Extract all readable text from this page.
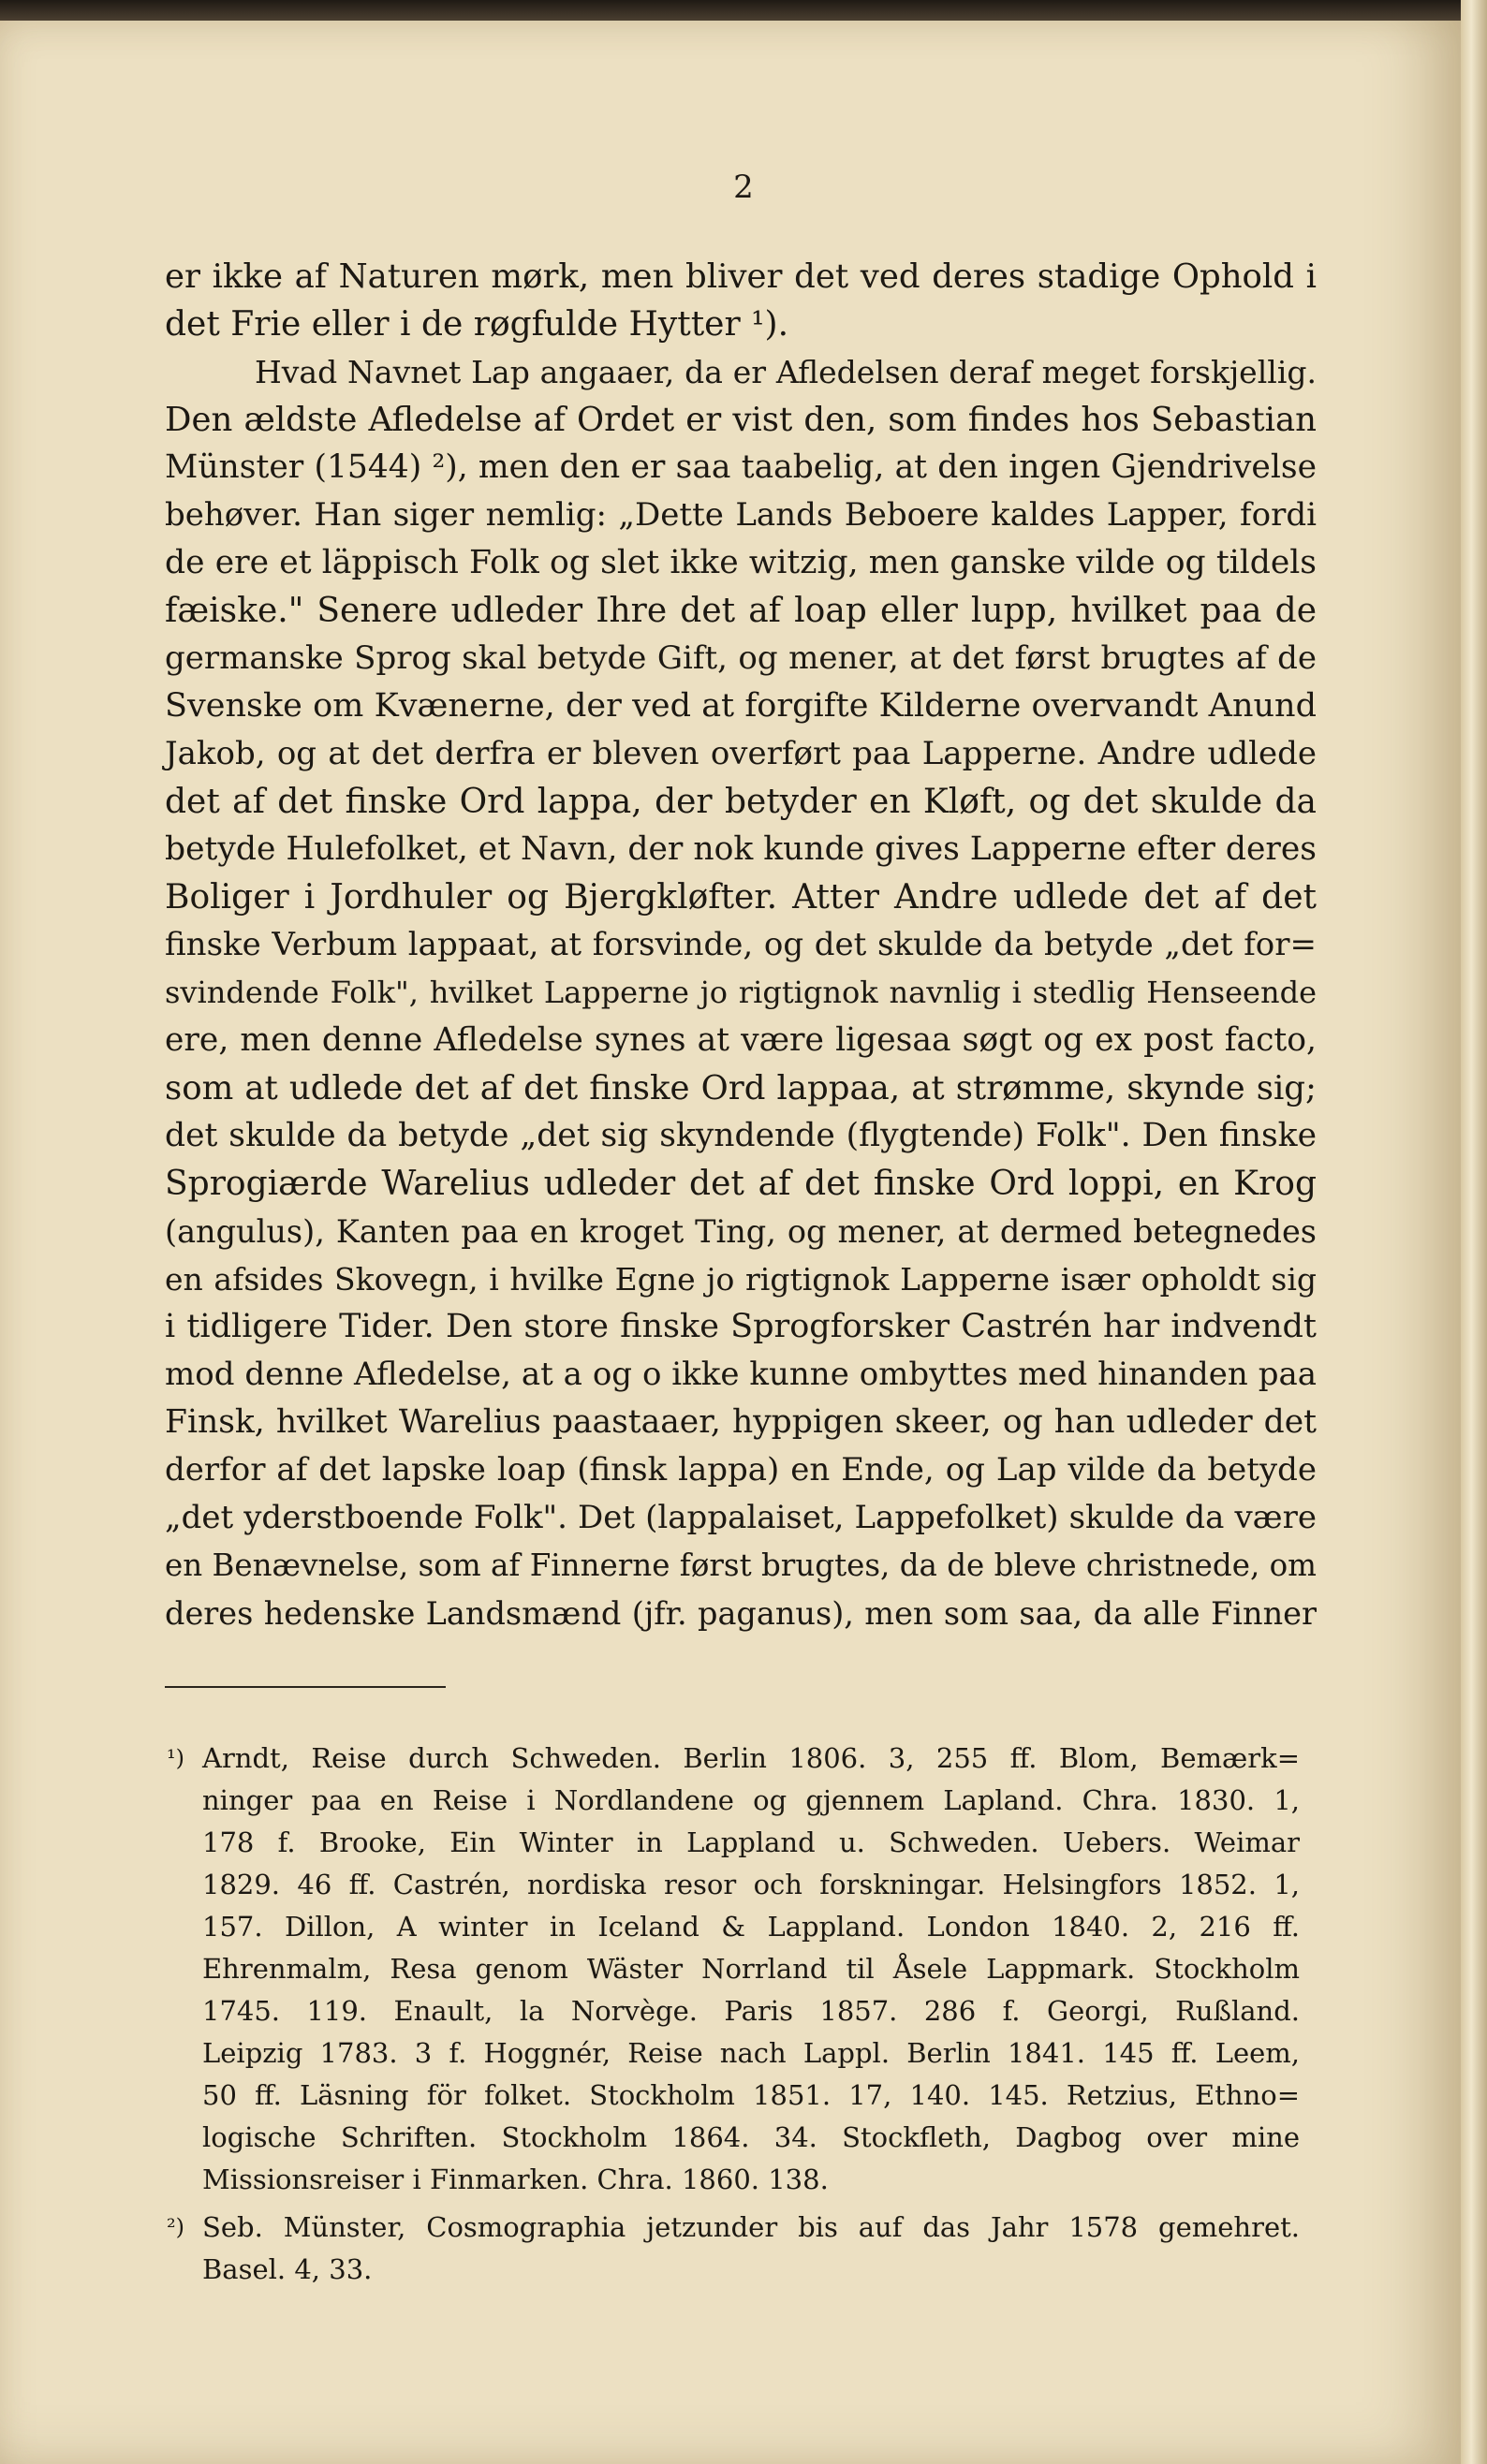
2
er ikke af Naturen mørk, men bliver det ved deres stadige Ophold i
det Frie eller i de røgfulde Hytter ¹).
Hvad Navnet Lap angaaer, da er Afledelsen deraf meget forskjellig.
Den ældste Afledelse af Ordet er vist den, som findes hos Sebastian
Münster (1544) ²), men den er saa taabelig, at den ingen Gjendrivelse
behøver. Han siger nemlig: „Dette Lands Beboere kaldes Lapper, fordi
de ere et läppisch Folk og slet ikke witzig, men ganske vilde og tildels
fæiske." Senere udleder Ihre det af loap eller lupp, hvilket paa de
germanske Sprog skal betyde Gift, og mener, at det først brugtes af de
Svenske om Kvænerne, der ved at forgifte Kilderne overvandt Anund
Jakob, og at det derfra er bleven overført paa Lapperne. Andre udlede
det af det finske Ord lappa, der betyder en Kløft, og det skulde da
betyde Hulefolket, et Navn, der nok kunde gives Lapperne efter deres
Boliger i Jordhuler og Bjergkløfter. Atter Andre udlede det af det
finske Verbum lappaat, at forsvinde, og det skulde da betyde „det for=
svindende Folk", hvilket Lapperne jo rigtignok navnlig i stedlig Henseende
ere, men denne Afledelse synes at være ligesaa søgt og ex post facto,
som at udlede det af det finske Ord lappaa, at strømme, skynde sig;
det skulde da betyde „det sig skyndende (flygtende) Folk". Den finske
Sprogiærde Warelius udleder det af det finske Ord loppi, en Krog
(angulus), Kanten paa en kroget Ting, og mener, at dermed betegnedes
en afsides Skovegn, i hvilke Egne jo rigtignok Lapperne især opholdt sig
i tidligere Tider. Den store finske Sprogforsker Castrén har indvendt
mod denne Afledelse, at a og o ikke kunne ombyttes med hinanden paa
Finsk, hvilket Warelius paastaaer, hyppigen skeer, og han udleder det
derfor af det lapske loap (finsk lappa) en Ende, og Lap vilde da betyde
„det yderstboende Folk". Det (lappalaiset, Lappefolket) skulde da være
en Benævnelse, som af Finnerne først brugtes, da de bleve christnede, om
deres hedenske Landsmænd (jfr. paganus), men som saa, da alle Finner
¹) Arndt, Reise durch Schweden. Berlin 1806. 3, 255 ff. Blom, Bemærk=
ninger paa en Reise i Nordlandene og gjennem Lapland. Chra. 1830. 1,
178 f. Brooke, Ein Winter in Lappland u. Schweden. Uebers. Weimar
1829. 46 ff. Castrén, nordiska resor och forskningar. Helsingfors 1852. 1,
157. Dillon, A winter in Iceland & Lappland. London 1840. 2, 216 ff.
Ehrenmalm, Resa genom Wäster Norrland til Åsele Lappmark. Stockholm
1745. 119. Enault, la Norvège. Paris 1857. 286 f. Georgi, Rußland.
Leipzig 1783. 3 f. Hoggnér, Reise nach Lappl. Berlin 1841. 145 ff. Leem,
50 ff. Läsning för folket. Stockholm 1851. 17, 140. 145. Retzius, Ethno=
logische Schriften. Stockholm 1864. 34. Stockfleth, Dagbog over mine
Missionsreiser i Finmarken. Chra. 1860. 138.
²) Seb. Münster, Cosmographia jetzunder bis auf das Jahr 1578 gemehret.
Basel. 4, 33.
